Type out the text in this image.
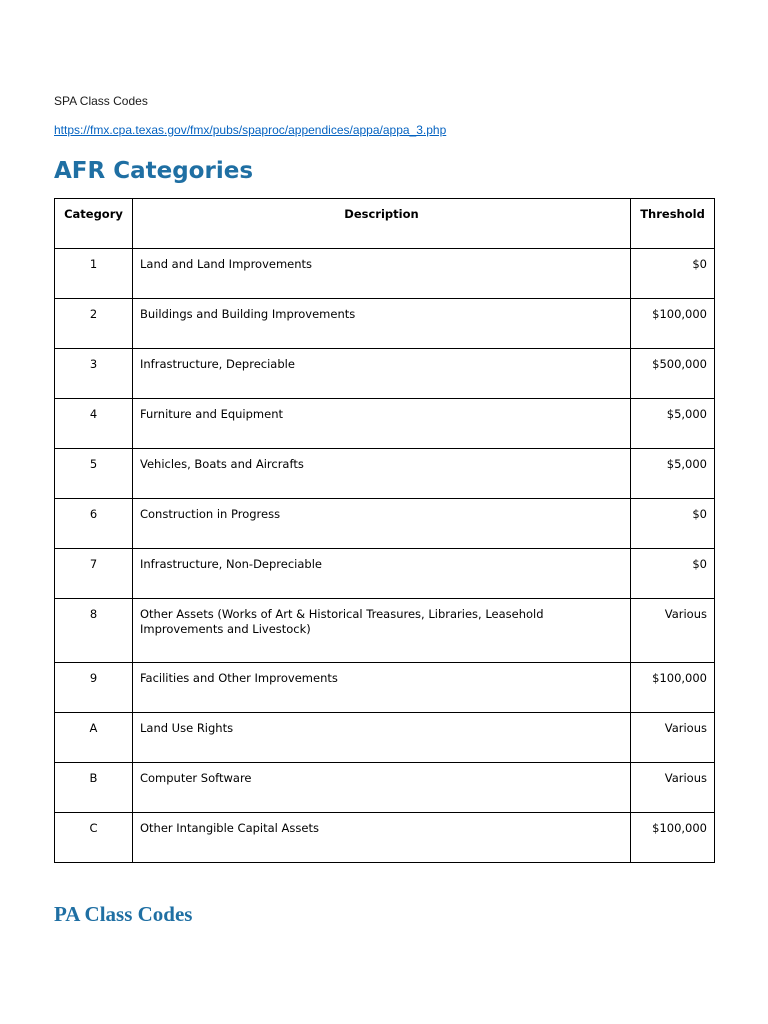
SPA Class Codes
https://fmx.cpa.texas.gov/fmx/pubs/spaproc/appendices/appa/appa_3.php
AFR Categories
Category	Description	Threshold
1	Land and Land Improvements	$0
2	Buildings and Building Improvements	$100,000
3	Infrastructure, Depreciable	$500,000
4	Furniture and Equipment	$5,000
5	Vehicles, Boats and Aircrafts	$5,000
6	Construction in Progress	$0
7	Infrastructure, Non-Depreciable	$0
8	Other Assets (Works of Art & Historical Treasures, Libraries, Leasehold Improvements and Livestock)	Various
9	Facilities and Other Improvements	$100,000
A	Land Use Rights	Various
B	Computer Software	Various
C	Other Intangible Capital Assets	$100,000
PA Class Codes
